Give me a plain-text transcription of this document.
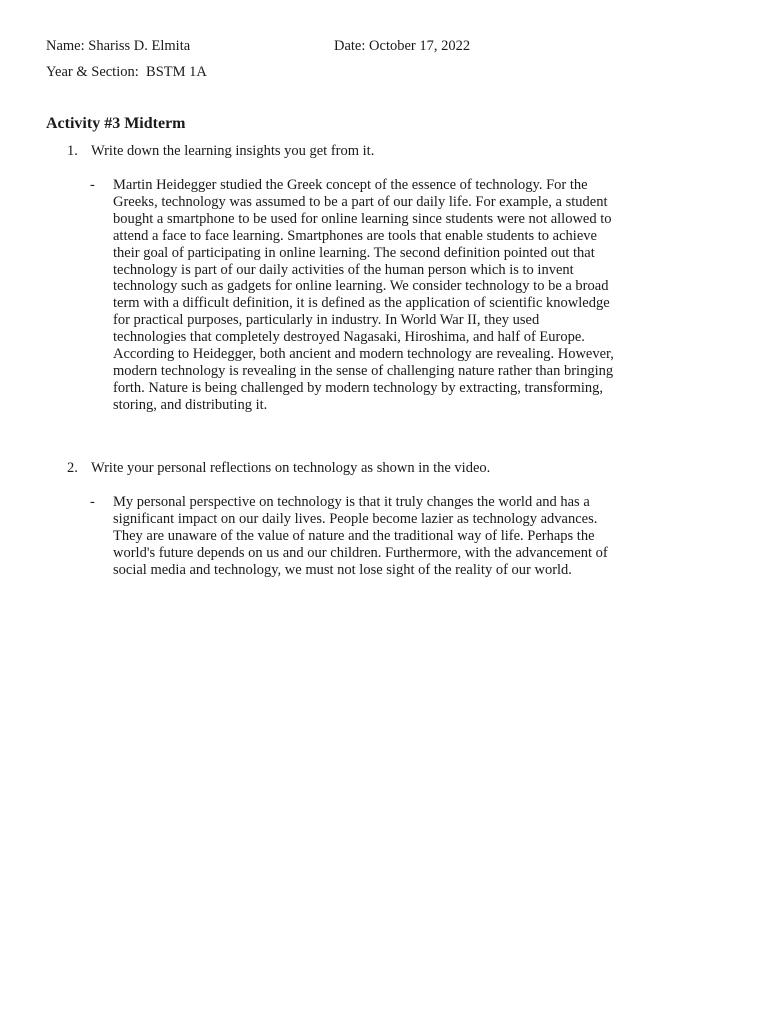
Name: Shariss D. Elmita	Date: October 17, 2022
Year & Section: BSTM 1A
Activity #3 Midterm
1. Write down the learning insights you get from it.
- Martin Heidegger studied the Greek concept of the essence of technology. For the
Greeks, technology was assumed to be a part of our daily life. For example, a student
bought a smartphone to be used for online learning since students were not allowed to
attend a face to face learning. Smartphones are tools that enable students to achieve
their goal of participating in online learning. The second definition pointed out that
technology is part of our daily activities of the human person which is to invent
technology such as gadgets for online learning. We consider technology to be a broad
term with a difficult definition, it is defined as the application of scientific knowledge
for practical purposes, particularly in industry. In World War II, they used
technologies that completely destroyed Nagasaki, Hiroshima, and half of Europe.
According to Heidegger, both ancient and modern technology are revealing. However,
modern technology is revealing in the sense of challenging nature rather than bringing
forth. Nature is being challenged by modern technology by extracting, transforming,
storing, and distributing it.
2. Write your personal reflections on technology as shown in the video.
- My personal perspective on technology is that it truly changes the world and has a
significant impact on our daily lives. People become lazier as technology advances.
They are unaware of the value of nature and the traditional way of life. Perhaps the
world's future depends on us and our children. Furthermore, with the advancement of
social media and technology, we must not lose sight of the reality of our world.
